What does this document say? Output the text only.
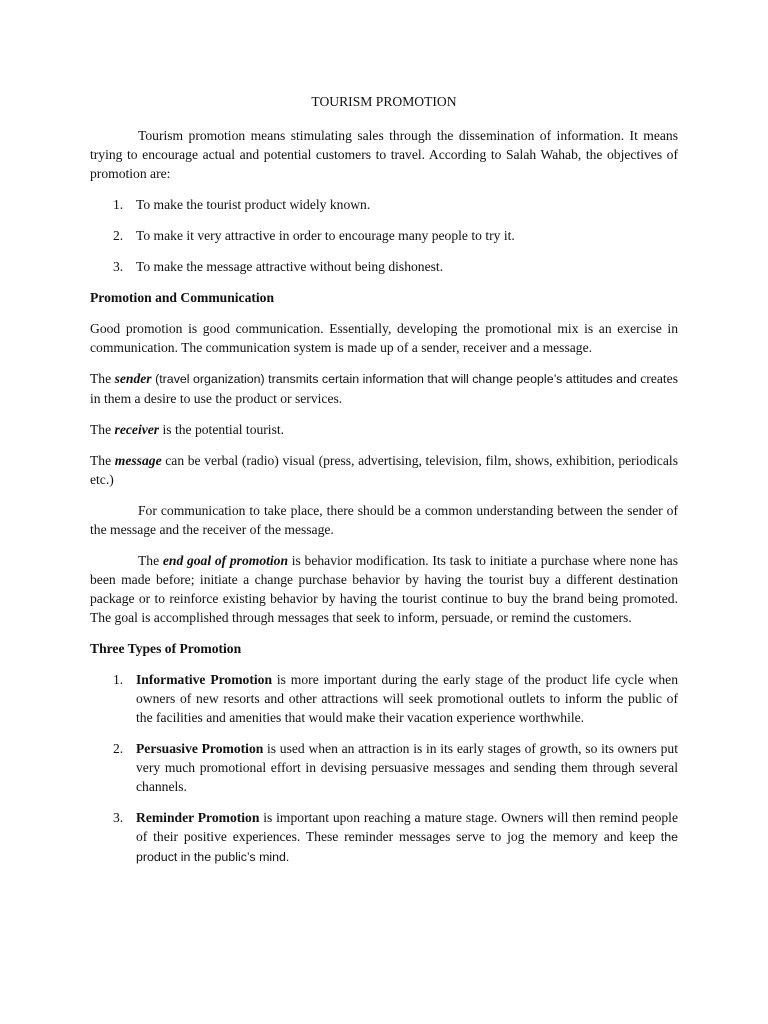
TOURISM PROMOTION

Tourism promotion means stimulating sales through the dissemination of information. It means trying to encourage actual and potential customers to travel. According to Salah Wahab, the objectives of promotion are:

1. To make the tourist product widely known.
2. To make it very attractive in order to encourage many people to try it.
3. To make the message attractive without being dishonest.

Promotion and Communication

Good promotion is good communication. Essentially, developing the promotional mix is an exercise in communication. The communication system is made up of a sender, receiver and a message.

The sender (travel organization) transmits certain information that will change people’s attitudes and creates in them a desire to use the product or services.

The receiver is the potential tourist.

The message can be verbal (radio) visual (press, advertising, television, film, shows, exhibition, periodicals etc.)

For communication to take place, there should be a common understanding between the sender of the message and the receiver of the message.

The end goal of promotion is behavior modification. Its task to initiate a purchase where none has been made before; initiate a change purchase behavior by having the tourist buy a different destination package or to reinforce existing behavior by having the tourist continue to buy the brand being promoted. The goal is accomplished through messages that seek to inform, persuade, or remind the customers.

Three Types of Promotion

1. Informative Promotion is more important during the early stage of the product life cycle when owners of new resorts and other attractions will seek promotional outlets to inform the public of the facilities and amenities that would make their vacation experience worthwhile.
2. Persuasive Promotion is used when an attraction is in its early stages of growth, so its owners put very much promotional effort in devising persuasive messages and sending them through several channels.
3. Reminder Promotion is important upon reaching a mature stage. Owners will then remind people of their positive experiences. These reminder messages serve to jog the memory and keep the product in the public’s mind.
